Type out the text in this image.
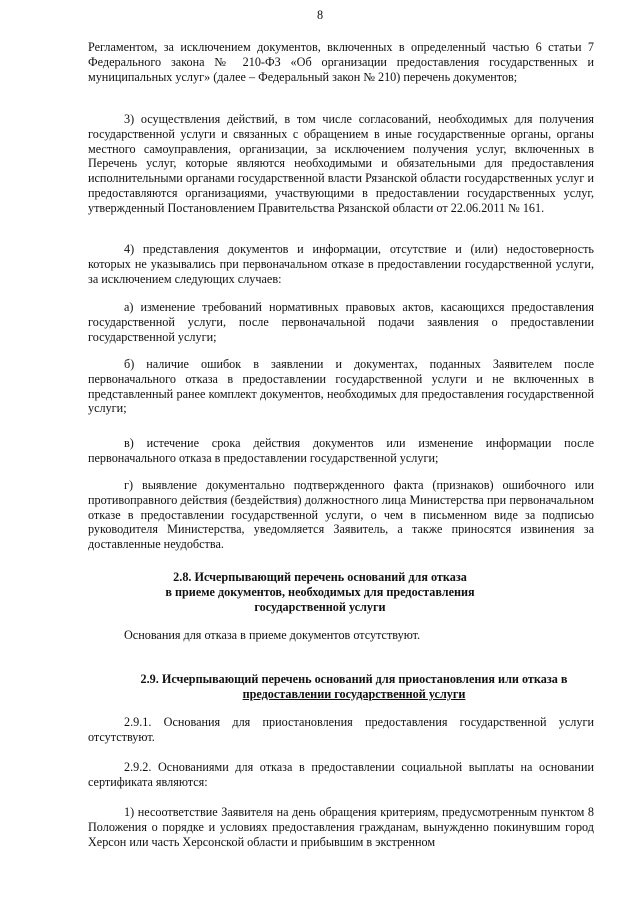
8

Регламентом, за исключением документов, включенных в определенный частью 6 статьи 7 Федерального закона № 210-ФЗ «Об организации предоставления государственных и муниципальных услуг» (далее – Федеральный закон № 210) перечень документов;

3) осуществления действий, в том числе согласований, необходимых для получения государственной услуги и связанных с обращением в иные государственные органы, органы местного самоуправления, организации, за исключением получения услуг, включенных в Перечень услуг, которые являются необходимыми и обязательными для предоставления исполнительными органами государственной власти Рязанской области государственных услуг и предоставляются организациями, участвующими в предоставлении государственных услуг, утвержденный Постановлением Правительства Рязанской области от 22.06.2011 № 161.

4) представления документов и информации, отсутствие и (или) недостоверность которых не указывались при первоначальном отказе в предоставлении государственной услуги, за исключением следующих случаев:

а) изменение требований нормативных правовых актов, касающихся предоставления государственной услуги, после первоначальной подачи заявления о предоставлении государственной услуги;

б) наличие ошибок в заявлении и документах, поданных Заявителем после первоначального отказа в предоставлении государственной услуги и не включенных в представленный ранее комплект документов, необходимых для предоставления государственной услуги;

в) истечение срока действия документов или изменение информации после первоначального отказа в предоставлении государственной услуги;

г) выявление документально подтвержденного факта (признаков) ошибочного или противоправного действия (бездействия) должностного лица Министерства при первоначальном отказе в предоставлении государственной услуги, о чем в письменном виде за подписью руководителя Министерства, уведомляется Заявитель, а также приносятся извинения за доставленные неудобства.

2.8. Исчерпывающий перечень оснований для отказа
в приеме документов, необходимых для предоставления
государственной услуги

Основания для отказа в приеме документов отсутствуют.

2.9. Исчерпывающий перечень оснований для приостановления или отказа в
предоставлении государственной услуги

2.9.1. Основания для приостановления предоставления государственной услуги отсутствуют.

2.9.2. Основаниями для отказа в предоставлении социальной выплаты на основании сертификата являются:

1) несоответствие Заявителя на день обращения критериям, предусмотренным пунктом 8 Положения о порядке и условиях предоставления гражданам, вынужденно покинувшим город Херсон или часть Херсонской области и прибывшим в экстренном
